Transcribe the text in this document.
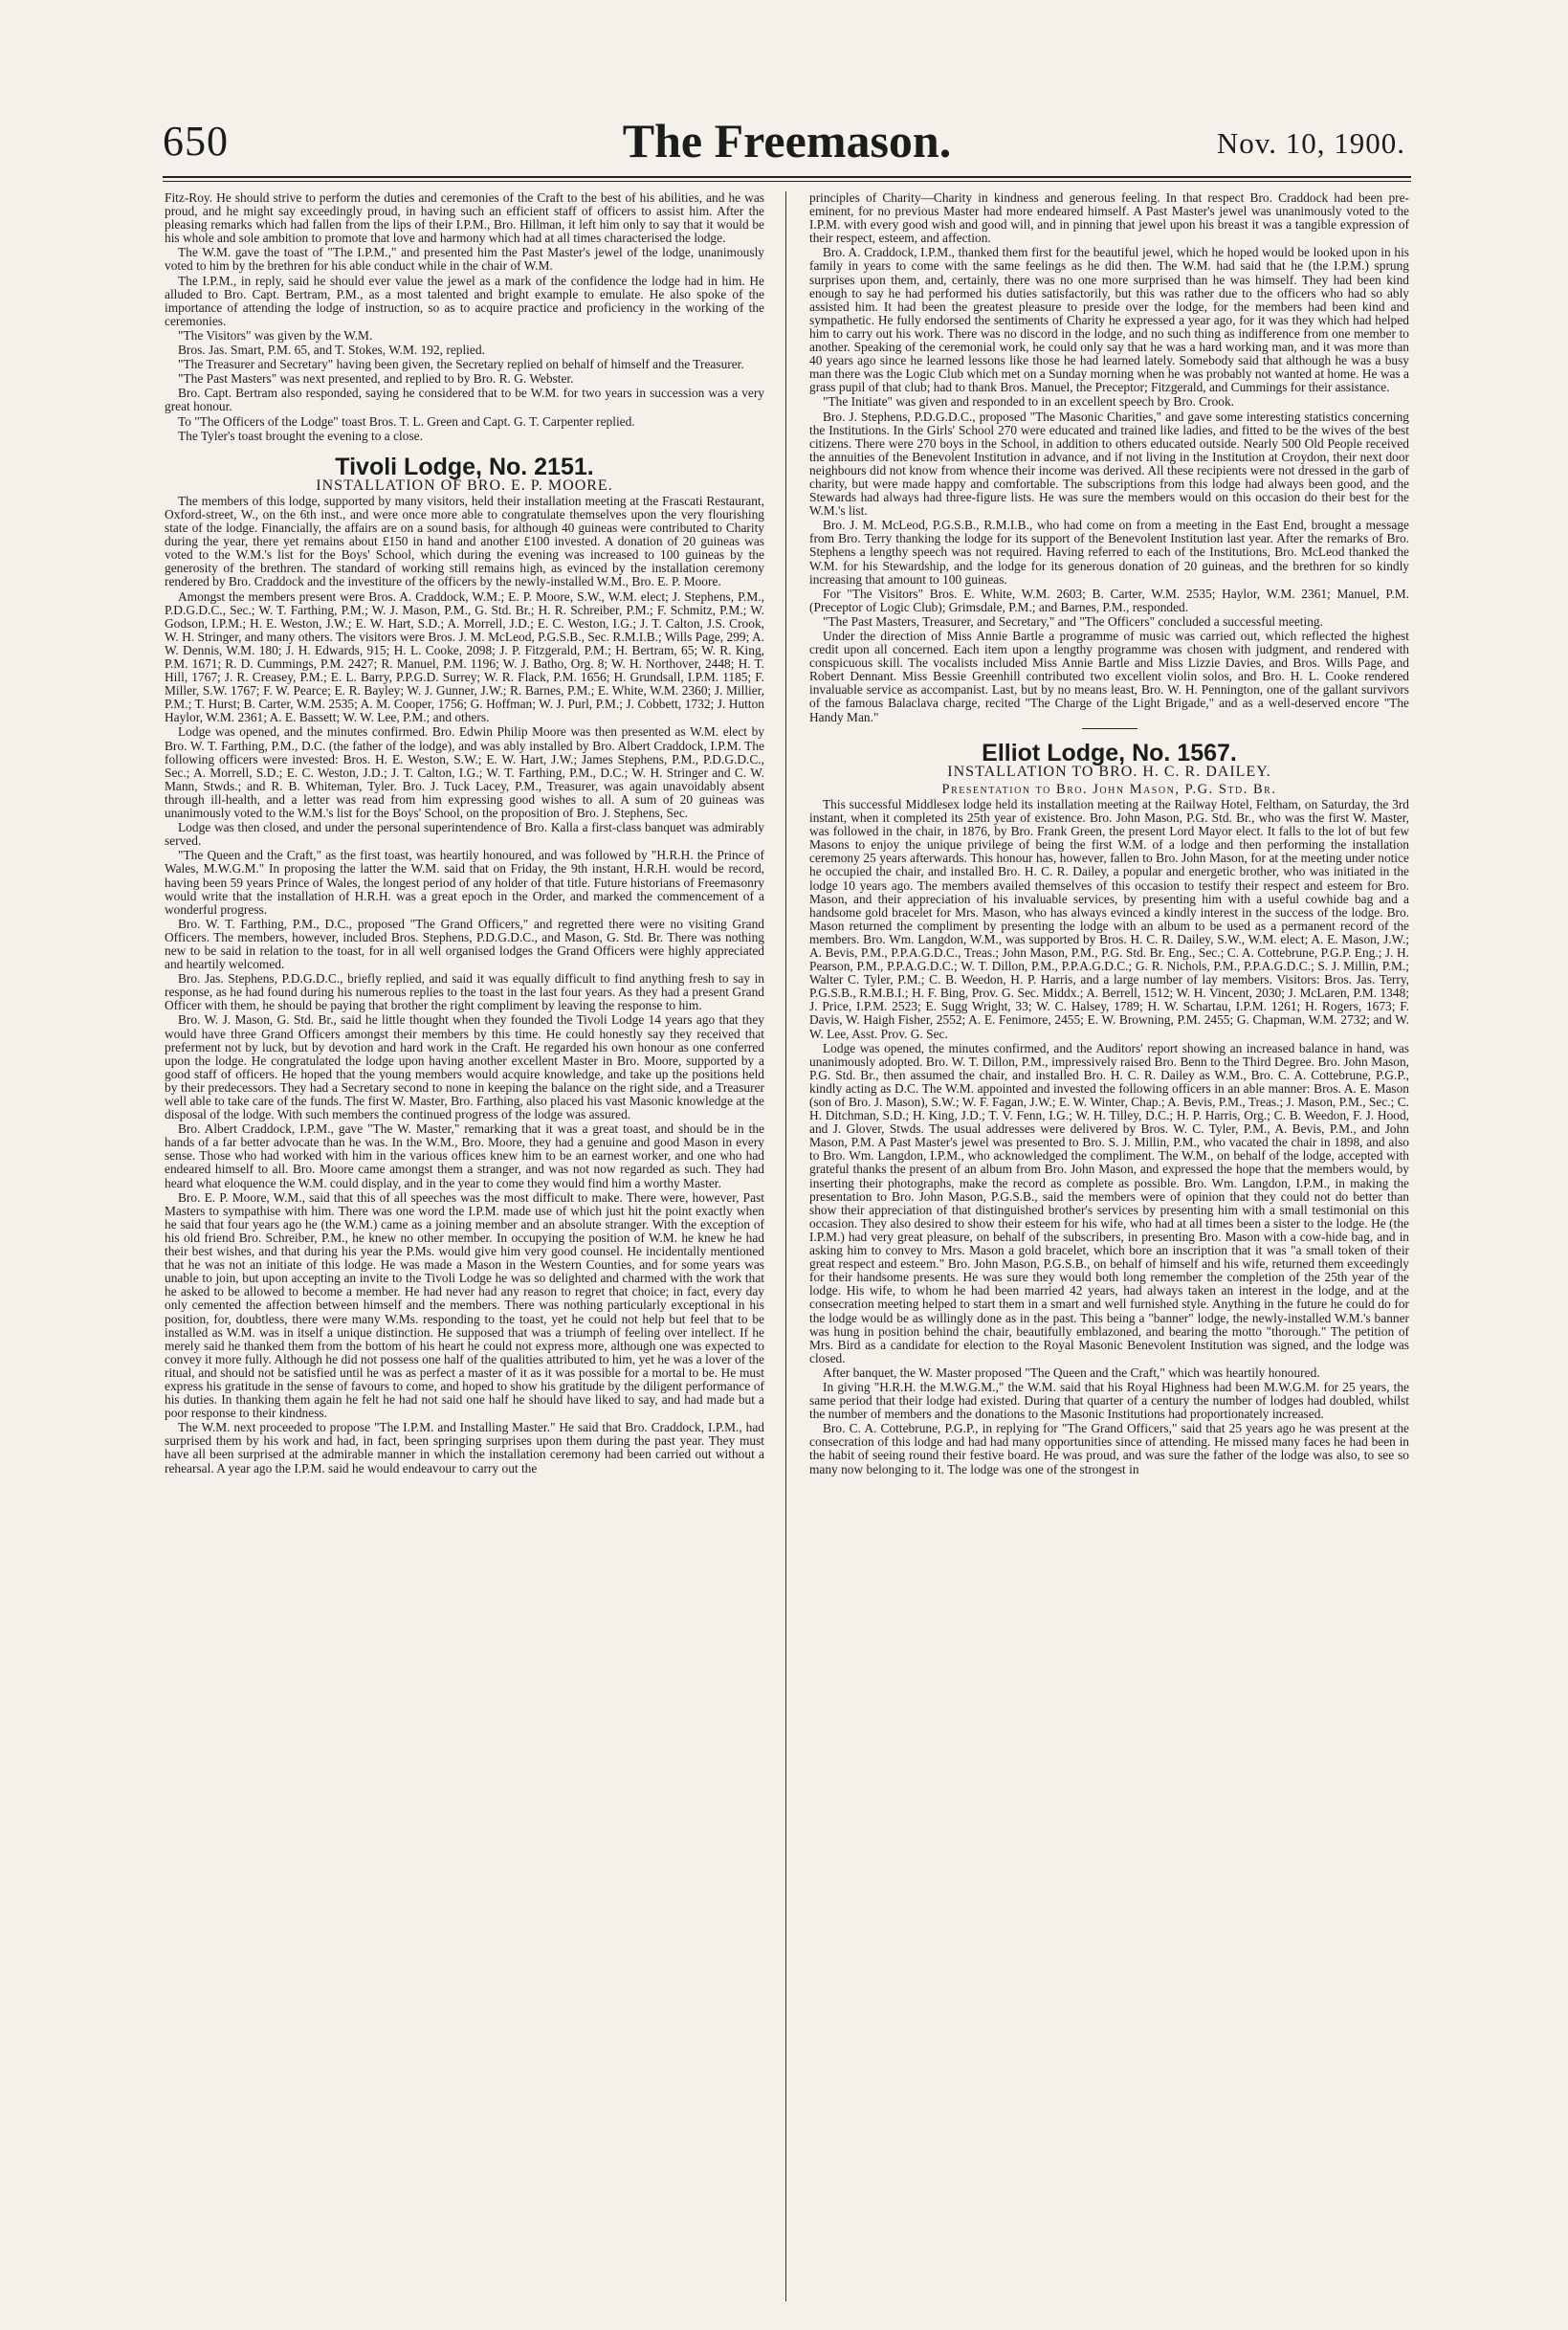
650	The Freemason.	Nov. 10, 1900.

Fitz-Roy. He should strive to perform the duties and ceremonies of the Craft to the best of his abilities, and he was proud, and he might say exceedingly proud, in having such an efficient staff of officers to assist him. After the pleasing remarks which had fallen from the lips of their I.P.M., Bro. Hillman, it left him only to say that it would be his whole and sole ambition to promote that love and harmony which had at all times characterised the lodge.

The W.M. gave the toast of "The I.P.M.," and presented him the Past Master's jewel of the lodge, unanimously voted to him by the brethren for his able conduct while in the chair of W.M.

The I.P.M., in reply, said he should ever value the jewel as a mark of the confidence the lodge had in him. He alluded to Bro. Capt. Bertram, P.M., as a most talented and bright example to emulate. He also spoke of the importance of attending the lodge of instruction, so as to acquire practice and proficiency in the working of the ceremonies.

"The Visitors" was given by the W.M.

Bros. Jas. Smart, P.M. 65, and T. Stokes, W.M. 192, replied.

"The Treasurer and Secretary" having been given, the Secretary replied on behalf of himself and the Treasurer.

"The Past Masters" was next presented, and replied to by Bro. R. G. Webster.

Bro. Capt. Bertram also responded, saying he considered that to be W.M. for two years in succession was a very great honour.

To "The Officers of the Lodge" toast Bros. T. L. Green and Capt. G. T. Carpenter replied.

The Tyler's toast brought the evening to a close.

Tivoli Lodge, No. 2151.
INSTALLATION OF BRO. E. P. MOORE.

The members of this lodge, supported by many visitors, held their installation meeting at the Frascati Restaurant, Oxford-street, W., on the 6th inst., and were once more able to congratulate themselves upon the very flourishing state of the lodge. Financially, the affairs are on a sound basis, for although 40 guineas were contributed to Charity during the year, there yet remains about £150 in hand and another £100 invested. A donation of 20 guineas was voted to the W.M.'s list for the Boys' School, which during the evening was increased to 100 guineas by the generosity of the brethren. The standard of working still remains high, as evinced by the installation ceremony rendered by Bro. Craddock and the investiture of the officers by the newly-installed W.M., Bro. E. P. Moore.

Amongst the members present were Bros. A. Craddock, W.M.; E. P. Moore, S.W., W.M. elect; J. Stephens, P.M., P.D.G.D.C., Sec.; W. T. Farthing, P.M.; W. J. Mason, P.M., G. Std. Br.; H. R. Schreiber, P.M.; F. Schmitz, P.M.; W. Godson, I.P.M.; H. E. Weston, J.W.; E. W. Hart, S.D.; A. Morrell, J.D.; E. C. Weston, I.G.; J. T. Calton, J.S. Crook, W. H. Stringer, and many others. The visitors were Bros. J. M. McLeod, P.G.S.B., Sec. R.M.I.B.; Wills Page, 299; A. W. Dennis, W.M. 180; J. H. Edwards, 915; H. L. Cooke, 2098; J. P. Fitzgerald, P.M.; H. Bertram, 65; W. R. King, P.M. 1671; R. D. Cummings, P.M. 2427; R. Manuel, P.M. 1196; W. J. Batho, Org. 8; W. H. Northover, 2448; H. T. Hill, 1767; J. R. Creasey, P.M.; E. L. Barry, P.P.G.D. Surrey; W. R. Flack, P.M. 1656; H. Grundsall, I.P.M. 1185; F. Miller, S.W. 1767; F. W. Pearce; E. R. Bayley; W. J. Gunner, J.W.; R. Barnes, P.M.; E. White, W.M. 2360; J. Millier, P.M.; T. Hurst; B. Carter, W.M. 2535; A. M. Cooper, 1756; G. Hoffman; W. J. Purl, P.M.; J. Cobbett, 1732; J. Hutton Haylor, W.M. 2361; A. E. Bassett; W. W. Lee, P.M.; and others.

Lodge was opened, and the minutes confirmed. Bro. Edwin Philip Moore was then presented as W.M. elect by Bro. W. T. Farthing, P.M., D.C. (the father of the lodge), and was ably installed by Bro. Albert Craddock, I.P.M. The following officers were invested: Bros. H. E. Weston, S.W.; E. W. Hart, J.W.; James Stephens, P.M., P.D.G.D.C., Sec.; A. Morrell, S.D.; E. C. Weston, J.D.; J. T. Calton, I.G.; W. T. Farthing, P.M., D.C.; W. H. Stringer and C. W. Mann, Stwds.; and R. B. Whiteman, Tyler. Bro. J. Tuck Lacey, P.M., Treasurer, was again unavoidably absent through ill-health, and a letter was read from him expressing good wishes to all. A sum of 20 guineas was unanimously voted to the W.M.'s list for the Boys' School, on the proposition of Bro. J. Stephens, Sec.

Lodge was then closed, and under the personal superintendence of Bro. Kalla a first-class banquet was admirably served.

"The Queen and the Craft," as the first toast, was heartily honoured, and was followed by "H.R.H. the Prince of Wales, M.W.G.M." In proposing the latter the W.M. said that on Friday, the 9th instant, H.R.H. would be record, having been 59 years Prince of Wales, the longest period of any holder of that title. Future historians of Freemasonry would write that the installation of H.R.H. was a great epoch in the Order, and marked the commencement of a wonderful progress.

Bro. W. T. Farthing, P.M., D.C., proposed "The Grand Officers," and regretted there were no visiting Grand Officers. The members, however, included Bros. Stephens, P.D.G.D.C., and Mason, G. Std. Br. There was nothing new to be said in relation to the toast, for in all well organised lodges the Grand Officers were highly appreciated and heartily welcomed.

Bro. Jas. Stephens, P.D.G.D.C., briefly replied, and said it was equally difficult to find anything fresh to say in response, as he had found during his numerous replies to the toast in the last four years. As they had a present Grand Officer with them, he should be paying that brother the right compliment by leaving the response to him.

Bro. W. J. Mason, G. Std. Br., said he little thought when they founded the Tivoli Lodge 14 years ago that they would have three Grand Officers amongst their members by this time. He could honestly say they received that preferment not by luck, but by devotion and hard work in the Craft. He regarded his own honour as one conferred upon the lodge. He congratulated the lodge upon having another excellent Master in Bro. Moore, supported by a good staff of officers. He hoped that the young members would acquire knowledge, and take up the positions held by their predecessors. They had a Secretary second to none in keeping the balance on the right side, and a Treasurer well able to take care of the funds. The first W. Master, Bro. Farthing, also placed his vast Masonic knowledge at the disposal of the lodge. With such members the continued progress of the lodge was assured.

Bro. Albert Craddock, I.P.M., gave "The W. Master," remarking that it was a great toast, and should be in the hands of a far better advocate than he was. In the W.M., Bro. Moore, they had a genuine and good Mason in every sense. Those who had worked with him in the various offices knew him to be an earnest worker, and one who had endeared himself to all. Bro. Moore came amongst them a stranger, and was not now regarded as such. They had heard what eloquence the W.M. could display, and in the year to come they would find him a worthy Master.

Bro. E. P. Moore, W.M., said that this of all speeches was the most difficult to make. There were, however, Past Masters to sympathise with him. There was one word the I.P.M. made use of which just hit the point exactly when he said that four years ago he (the W.M.) came as a joining member and an absolute stranger. With the exception of his old friend Bro. Schreiber, P.M., he knew no other member. In occupying the position of W.M. he knew he had their best wishes, and that during his year the P.Ms. would give him very good counsel. He incidentally mentioned that he was not an initiate of this lodge. He was made a Mason in the Western Counties, and for some years was unable to join, but upon accepting an invite to the Tivoli Lodge he was so delighted and charmed with the work that he asked to be allowed to become a member. He had never had any reason to regret that choice; in fact, every day only cemented the affection between himself and the members. There was nothing particularly exceptional in his position, for, doubtless, there were many W.Ms. responding to the toast, yet he could not help but feel that to be installed as W.M. was in itself a unique distinction. He supposed that was a triumph of feeling over intellect. If he merely said he thanked them from the bottom of his heart he could not express more, although one was expected to convey it more fully. Although he did not possess one half of the qualities attributed to him, yet he was a lover of the ritual, and should not be satisfied until he was as perfect a master of it as it was possible for a mortal to be. He must express his gratitude in the sense of favours to come, and hoped to show his gratitude by the diligent performance of his duties. In thanking them again he felt he had not said one half he should have liked to say, and had made but a poor response to their kindness.

The W.M. next proceeded to propose "The I.P.M. and Installing Master." He said that Bro. Craddock, I.P.M., had surprised them by his work and had, in fact, been springing surprises upon them during the past year. They must have all been surprised at the admirable manner in which the installation ceremony had been carried out without a rehearsal. A year ago the I.P.M. said he would endeavour to carry out the

principles of Charity—Charity in kindness and generous feeling. In that respect Bro. Craddock had been pre-eminent, for no previous Master had more endeared himself. A Past Master's jewel was unanimously voted to the I.P.M. with every good wish and good will, and in pinning that jewel upon his breast it was a tangible expression of their respect, esteem, and affection.

Bro. A. Craddock, I.P.M., thanked them first for the beautiful jewel, which he hoped would be looked upon in his family in years to come with the same feelings as he did then. The W.M. had said that he (the I.P.M.) sprung surprises upon them, and, certainly, there was no one more surprised than he was himself. They had been kind enough to say he had performed his duties satisfactorily, but this was rather due to the officers who had so ably assisted him. It had been the greatest pleasure to preside over the lodge, for the members had been kind and sympathetic. He fully endorsed the sentiments of Charity he expressed a year ago, for it was they which had helped him to carry out his work. There was no discord in the lodge, and no such thing as indifference from one member to another. Speaking of the ceremonial work, he could only say that he was a hard working man, and it was more than 40 years ago since he learned lessons like those he had learned lately. Somebody said that although he was a busy man there was the Logic Club which met on a Sunday morning when he was probably not wanted at home. He was a grass pupil of that club; had to thank Bros. Manuel, the Preceptor; Fitzgerald, and Cummings for their assistance.

"The Initiate" was given and responded to in an excellent speech by Bro. Crook.

Bro. J. Stephens, P.D.G.D.C., proposed "The Masonic Charities," and gave some interesting statistics concerning the Institutions. In the Girls' School 270 were educated and trained like ladies, and fitted to be the wives of the best citizens. There were 270 boys in the School, in addition to others educated outside. Nearly 500 Old People received the annuities of the Benevolent Institution in advance, and if not living in the Institution at Croydon, their next door neighbours did not know from whence their income was derived. All these recipients were not dressed in the garb of charity, but were made happy and comfortable. The subscriptions from this lodge had always been good, and the Stewards had always had three-figure lists. He was sure the members would on this occasion do their best for the W.M.'s list.

Bro. J. M. McLeod, P.G.S.B., R.M.I.B., who had come on from a meeting in the East End, brought a message from Bro. Terry thanking the lodge for its support of the Benevolent Institution last year. After the remarks of Bro. Stephens a lengthy speech was not required. Having referred to each of the Institutions, Bro. McLeod thanked the W.M. for his Stewardship, and the lodge for its generous donation of 20 guineas, and the brethren for so kindly increasing that amount to 100 guineas.

For "The Visitors" Bros. E. White, W.M. 2603; B. Carter, W.M. 2535; Haylor, W.M. 2361; Manuel, P.M. (Preceptor of Logic Club); Grimsdale, P.M.; and Barnes, P.M., responded.

"The Past Masters, Treasurer, and Secretary," and "The Officers" concluded a successful meeting.

Under the direction of Miss Annie Bartle a programme of music was carried out, which reflected the highest credit upon all concerned. Each item upon a lengthy programme was chosen with judgment, and rendered with conspicuous skill. The vocalists included Miss Annie Bartle and Miss Lizzie Davies, and Bros. Wills Page, and Robert Dennant. Miss Bessie Greenhill contributed two excellent violin solos, and Bro. H. L. Cooke rendered invaluable service as accompanist. Last, but by no means least, Bro. W. H. Pennington, one of the gallant survivors of the famous Balaclava charge, recited "The Charge of the Light Brigade," and as a well-deserved encore "The Handy Man."

Elliot Lodge, No. 1567.
INSTALLATION TO BRO. H. C. R. DAILEY.
Presentation to Bro. John Mason, P.G. Std. Br.

This successful Middlesex lodge held its installation meeting at the Railway Hotel, Feltham, on Saturday, the 3rd instant, when it completed its 25th year of existence. Bro. John Mason, P.G. Std. Br., who was the first W. Master, was followed in the chair, in 1876, by Bro. Frank Green, the present Lord Mayor elect. It falls to the lot of but few Masons to enjoy the unique privilege of being the first W.M. of a lodge and then performing the installation ceremony 25 years afterwards. This honour has, however, fallen to Bro. John Mason, for at the meeting under notice he occupied the chair, and installed Bro. H. C. R. Dailey, a popular and energetic brother, who was initiated in the lodge 10 years ago. The members availed themselves of this occasion to testify their respect and esteem for Bro. Mason, and their appreciation of his invaluable services, by presenting him with a useful cowhide bag and a handsome gold bracelet for Mrs. Mason, who has always evinced a kindly interest in the success of the lodge. Bro. Mason returned the compliment by presenting the lodge with an album to be used as a permanent record of the members. Bro. Wm. Langdon, W.M., was supported by Bros. H. C. R. Dailey, S.W., W.M. elect; A. E. Mason, J.W.; A. Bevis, P.M., P.P.A.G.D.C., Treas.; John Mason, P.M., P.G. Std. Br. Eng., Sec.; C. A. Cottebrune, P.G.P. Eng.; J. H. Pearson, P.M., P.P.A.G.D.C.; W. T. Dillon, P.M., P.P.A.G.D.C.; G. R. Nichols, P.M., P.P.A.G.D.C.; S. J. Millin, P.M.; Walter C. Tyler, P.M.; C. B. Weedon, H. P. Harris, and a large number of lay members. Visitors: Bros. Jas. Terry, P.G.S.B., R.M.B.I.; H. F. Bing, Prov. G. Sec. Middx.; A. Berrell, 1512; W. H. Vincent, 2030; J. McLaren, P.M. 1348; J. Price, I.P.M. 2523; E. Sugg Wright, 33; W. C. Halsey, 1789; H. W. Schartau, I.P.M. 1261; H. Rogers, 1673; F. Davis, W. Haigh Fisher, 2552; A. E. Fenimore, 2455; E. W. Browning, P.M. 2455; G. Chapman, W.M. 2732; and W. W. Lee, Asst. Prov. G. Sec.

Lodge was opened, the minutes confirmed, and the Auditors' report showing an increased balance in hand, was unanimously adopted. Bro. W. T. Dillon, P.M., impressively raised Bro. Benn to the Third Degree. Bro. John Mason, P.G. Std. Br., then assumed the chair, and installed Bro. H. C. R. Dailey as W.M., Bro. C. A. Cottebrune, P.G.P., kindly acting as D.C. The W.M. appointed and invested the following officers in an able manner: Bros. A. E. Mason (son of Bro. J. Mason), S.W.; W. F. Fagan, J.W.; E. W. Winter, Chap.; A. Bevis, P.M., Treas.; J. Mason, P.M., Sec.; C. H. Ditchman, S.D.; H. King, J.D.; T. V. Fenn, I.G.; W. H. Tilley, D.C.; H. P. Harris, Org.; C. B. Weedon, F. J. Hood, and J. Glover, Stwds. The usual addresses were delivered by Bros. W. C. Tyler, P.M., A. Bevis, P.M., and John Mason, P.M. A Past Master's jewel was presented to Bro. S. J. Millin, P.M., who vacated the chair in 1898, and also to Bro. Wm. Langdon, I.P.M., who acknowledged the compliment. The W.M., on behalf of the lodge, accepted with grateful thanks the present of an album from Bro. John Mason, and expressed the hope that the members would, by inserting their photographs, make the record as complete as possible. Bro. Wm. Langdon, I.P.M., in making the presentation to Bro. John Mason, P.G.S.B., said the members were of opinion that they could not do better than show their appreciation of that distinguished brother's services by presenting him with a small testimonial on this occasion. They also desired to show their esteem for his wife, who had at all times been a sister to the lodge. He (the I.P.M.) had very great pleasure, on behalf of the subscribers, in presenting Bro. Mason with a cow-hide bag, and in asking him to convey to Mrs. Mason a gold bracelet, which bore an inscription that it was "a small token of their great respect and esteem." Bro. John Mason, P.G.S.B., on behalf of himself and his wife, returned them exceedingly for their handsome presents. He was sure they would both long remember the completion of the 25th year of the lodge. His wife, to whom he had been married 42 years, had always taken an interest in the lodge, and at the consecration meeting helped to start them in a smart and well furnished style. Anything in the future he could do for the lodge would be as willingly done as in the past. This being a "banner" lodge, the newly-installed W.M.'s banner was hung in position behind the chair, beautifully emblazoned, and bearing the motto "thorough." The petition of Mrs. Bird as a candidate for election to the Royal Masonic Benevolent Institution was signed, and the lodge was closed.

After banquet, the W. Master proposed "The Queen and the Craft," which was heartily honoured.

In giving "H.R.H. the M.W.G.M.," the W.M. said that his Royal Highness had been M.W.G.M. for 25 years, the same period that their lodge had existed. During that quarter of a century the number of lodges had doubled, whilst the number of members and the donations to the Masonic Institutions had proportionately increased.

Bro. C. A. Cottebrune, P.G.P., in replying for "The Grand Officers," said that 25 years ago he was present at the consecration of this lodge and had had many opportunities since of attending. He missed many faces he had been in the habit of seeing round their festive board. He was proud, and was sure the father of the lodge was also, to see so many now belonging to it. The lodge was one of the strongest in
